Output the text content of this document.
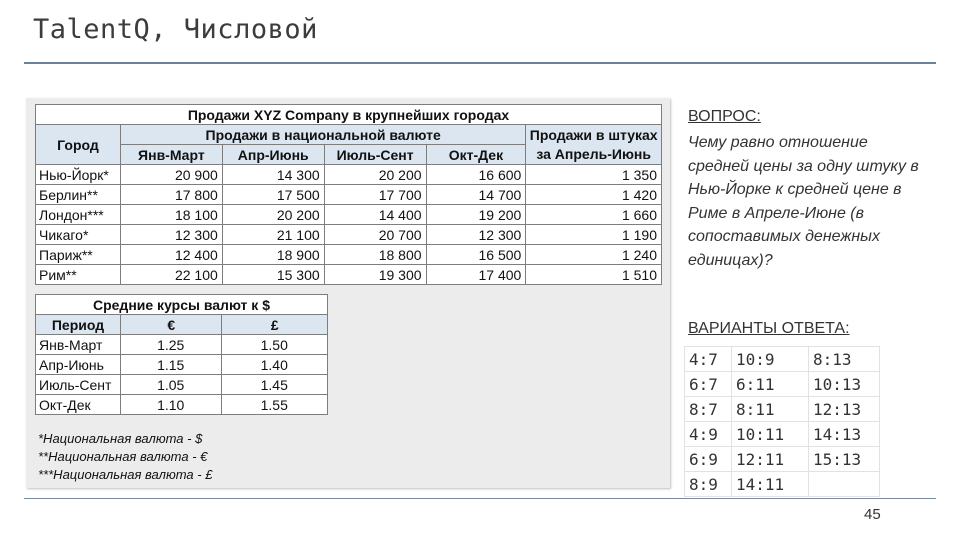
TalentQ, Числовой
Продажи XYZ Company в крупнейших городах					
Город	Продажи в национальной валюте				Продажи в штуках за Апрель-Июнь
	Янв-Март	Апр-Июнь	Июль-Сент	Окт-Дек	
Нью-Йорк*	20 900	14 300	20 200	16 600	1 350
Берлин**	17 800	17 500	17 700	14 700	1 420
Лондон***	18 100	20 200	14 400	19 200	1 660
Чикаго*	12 300	21 100	20 700	12 300	1 190
Париж**	12 400	18 900	18 800	16 500	1 240
Рим**	22 100	15 300	19 300	17 400	1 510
Средние курсы валют к $		
Период	€	£
Янв-Март	1.25	1.50
Апр-Июнь	1.15	1.40
Июль-Сент	1.05	1.45
Окт-Дек	1.10	1.55
*Национальная валюта - $
**Национальная валюта - €
***Национальная валюта - £
ВОПРОС:
Чему равно отношение средней цены за одну штуку в Нью-Йорке к средней цене в Риме в Апреле-Июне (в сопоставимых денежных единицах)?
ВАРИАНТЫ ОТВЕТА:
4:7	10:9	8:13
6:7	6:11	10:13
8:7	8:11	12:13
4:9	10:11	14:13
6:9	12:11	15:13
8:9	14:11	
45
